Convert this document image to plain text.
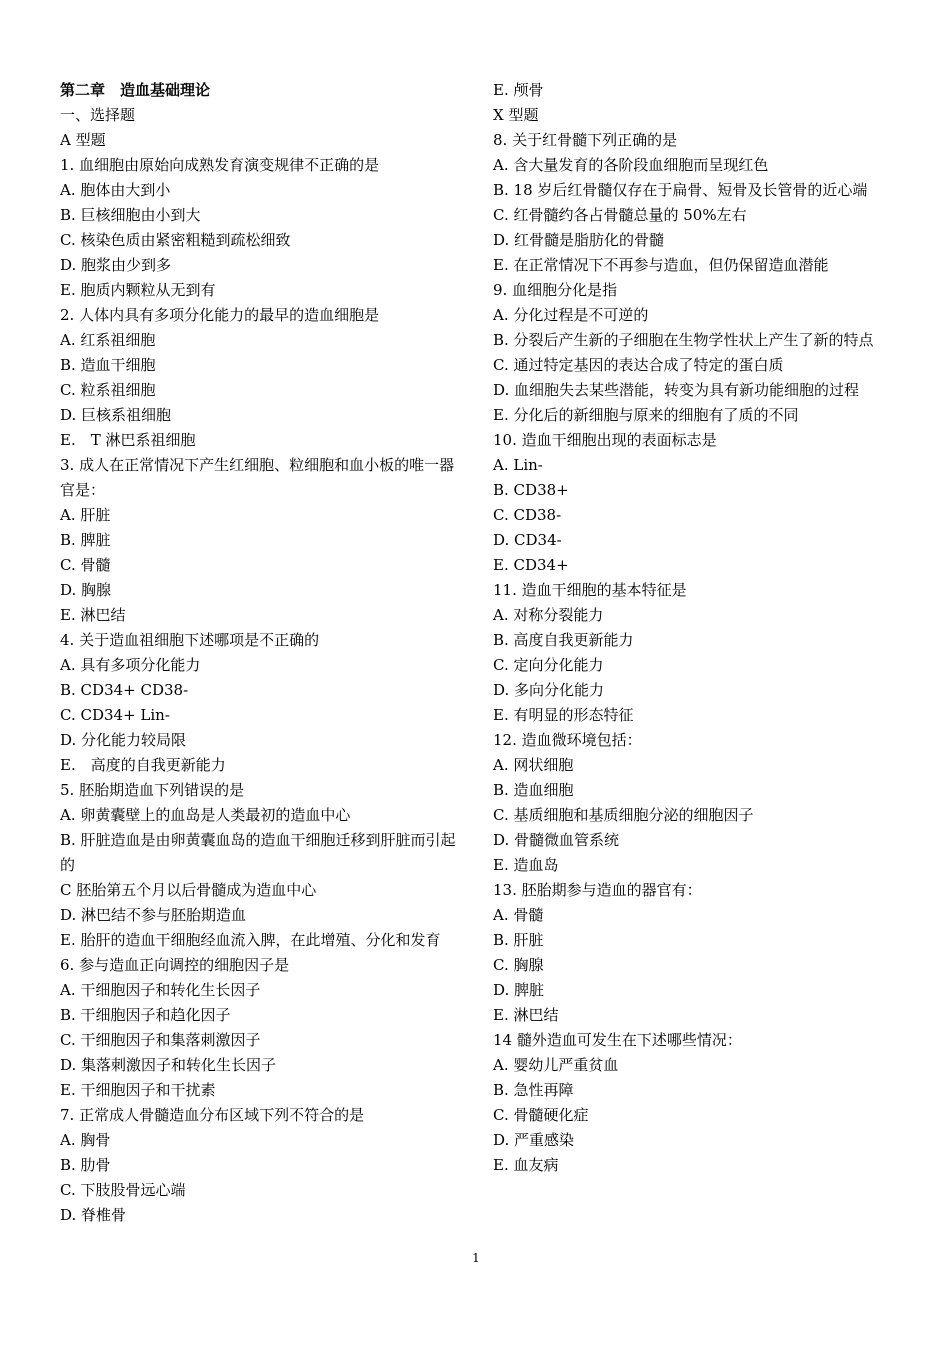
第二章　造血基础理论

一、选择题

A 型题

1. 血细胞由原始向成熟发育演变规律不正确的是

A. 胞体由大到小

B. 巨核细胞由小到大

C. 核染色质由紧密粗糙到疏松细致

D. 胞浆由少到多

E. 胞质内颗粒从无到有

2. 人体内具有多项分化能力的最早的造血细胞是

A. 红系祖细胞

B. 造血干细胞

C. 粒系祖细胞

D. 巨核系祖细胞

E.　T 淋巴系祖细胞

3. 成人在正常情况下产生红细胞、粒细胞和血小板的唯一器官是：

A. 肝脏

B. 脾脏

C. 骨髓

D. 胸腺

E. 淋巴结

4. 关于造血祖细胞下述哪项是不正确的

A. 具有多项分化能力

B. CD34+ CD38-

C. CD34+ Lin-

D. 分化能力较局限

E.　高度的自我更新能力

5. 胚胎期造血下列错误的是

A. 卵黄囊壁上的血岛是人类最初的造血中心

B. 肝脏造血是由卵黄囊血岛的造血干细胞迁移到肝脏而引起的

C 胚胎第五个月以后骨髓成为造血中心

D. 淋巴结不参与胚胎期造血

E. 胎肝的造血干细胞经血流入脾，在此增殖、分化和发育

6. 参与造血正向调控的细胞因子是

A. 干细胞因子和转化生长因子

B. 干细胞因子和趋化因子

C. 干细胞因子和集落刺激因子

D. 集落刺激因子和转化生长因子

E. 干细胞因子和干扰素

7. 正常成人骨髓造血分布区域下列不符合的是

A. 胸骨

B. 肋骨

C. 下肢股骨远心端

D. 脊椎骨

E. 颅骨

X 型题

8. 关于红骨髓下列正确的是

A. 含大量发育的各阶段血细胞而呈现红色

B. 18 岁后红骨髓仅存在于扁骨、短骨及长管骨的近心端

C. 红骨髓约各占骨髓总量的 50%左右

D. 红骨髓是脂肪化的骨髓

E. 在正常情况下不再参与造血，但仍保留造血潜能

9. 血细胞分化是指

A. 分化过程是不可逆的

B. 分裂后产生新的子细胞在生物学性状上产生了新的特点

C. 通过特定基因的表达合成了特定的蛋白质

D. 血细胞失去某些潜能，转变为具有新功能细胞的过程

E. 分化后的新细胞与原来的细胞有了质的不同

10. 造血干细胞出现的表面标志是

A. Lin-

B. CD38+

C. CD38-

D. CD34-

E. CD34+

11. 造血干细胞的基本特征是

A. 对称分裂能力

B. 高度自我更新能力

C. 定向分化能力

D. 多向分化能力

E. 有明显的形态特征

12. 造血微环境包括：

A. 网状细胞

B. 造血细胞

C. 基质细胞和基质细胞分泌的细胞因子

D. 骨髓微血管系统

E. 造血岛

13. 胚胎期参与造血的器官有：

A. 骨髓

B. 肝脏

C. 胸腺

D. 脾脏

E. 淋巴结

14 髓外造血可发生在下述哪些情况：

A. 婴幼儿严重贫血

B. 急性再障

C. 骨髓硬化症

D. 严重感染

E. 血友病

1
